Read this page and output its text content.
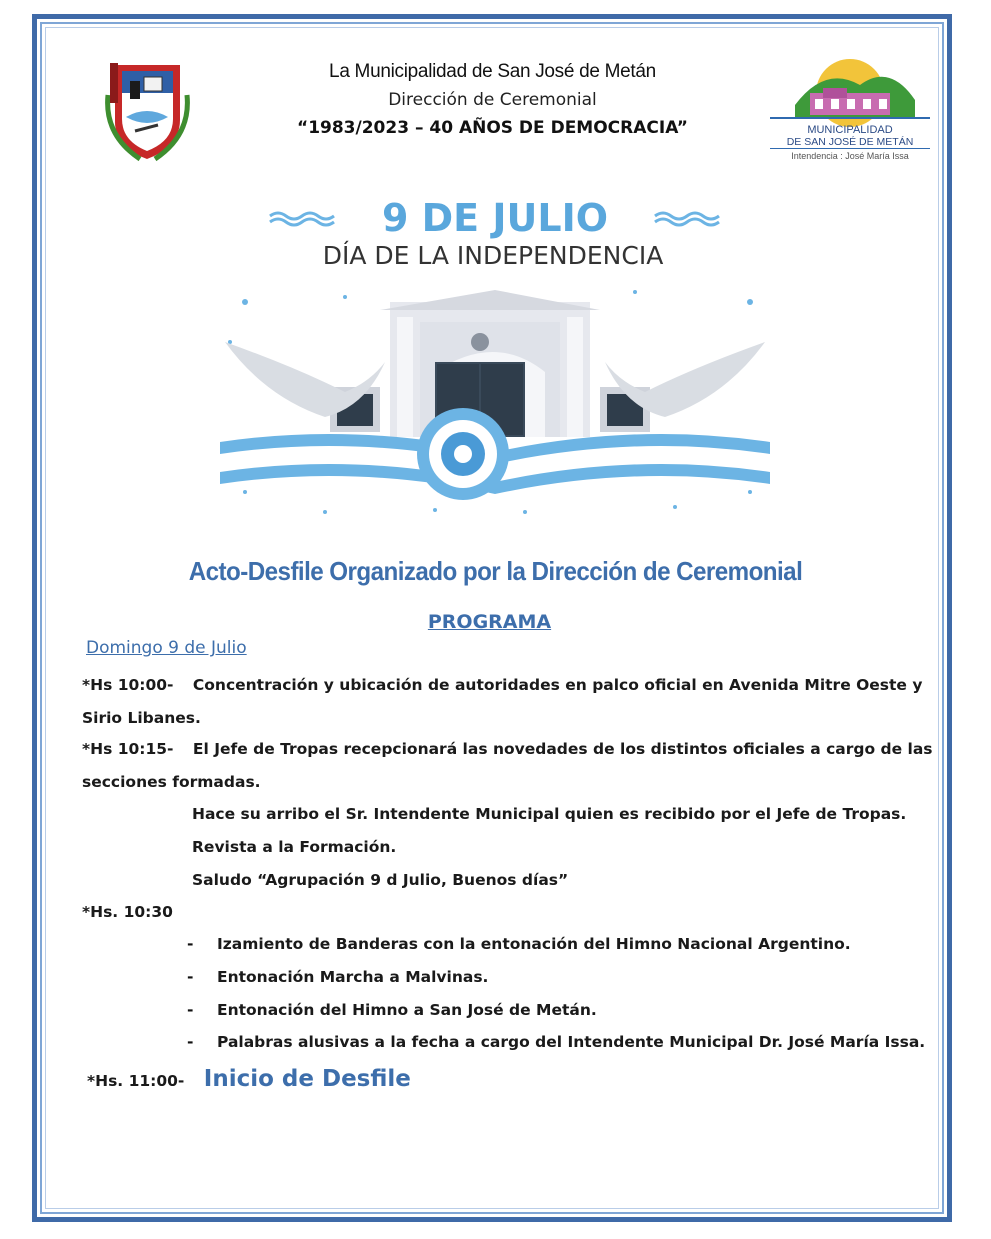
MUNICIPALIDAD
DE SAN JOSÉ DE METÁN
Intendencia : José María Issa
La Municipalidad de San José de Metán
Dirección de Ceremonial
“1983/2023 – 40 AÑOS DE DEMOCRACIA”
9 DE JULIO
DÍA DE LA INDEPENDENCIA
Acto-Desfile Organizado por la Dirección de Ceremonial
PROGRAMA
Domingo 9 de Julio
*Hs 10:00- Concentración y ubicación de autoridades en palco oficial en Avenida Mitre Oeste y
Sirio Libanes.
*Hs 10:15- El Jefe de Tropas recepcionará las novedades de los distintos oficiales a cargo de las
secciones formadas.
Hace su arribo el Sr. Intendente Municipal quien es recibido por el Jefe de Tropas.
Revista a la Formación.
Saludo “Agrupación 9 d Julio, Buenos días”
*Hs. 10:30
- Izamiento de Banderas con la entonación del Himno Nacional Argentino.
- Entonación Marcha a Malvinas.
- Entonación del Himno a San José de Metán.
- Palabras alusivas a la fecha a cargo del Intendente Municipal Dr. José María Issa.
*Hs. 11:00- Inicio de Desfile
